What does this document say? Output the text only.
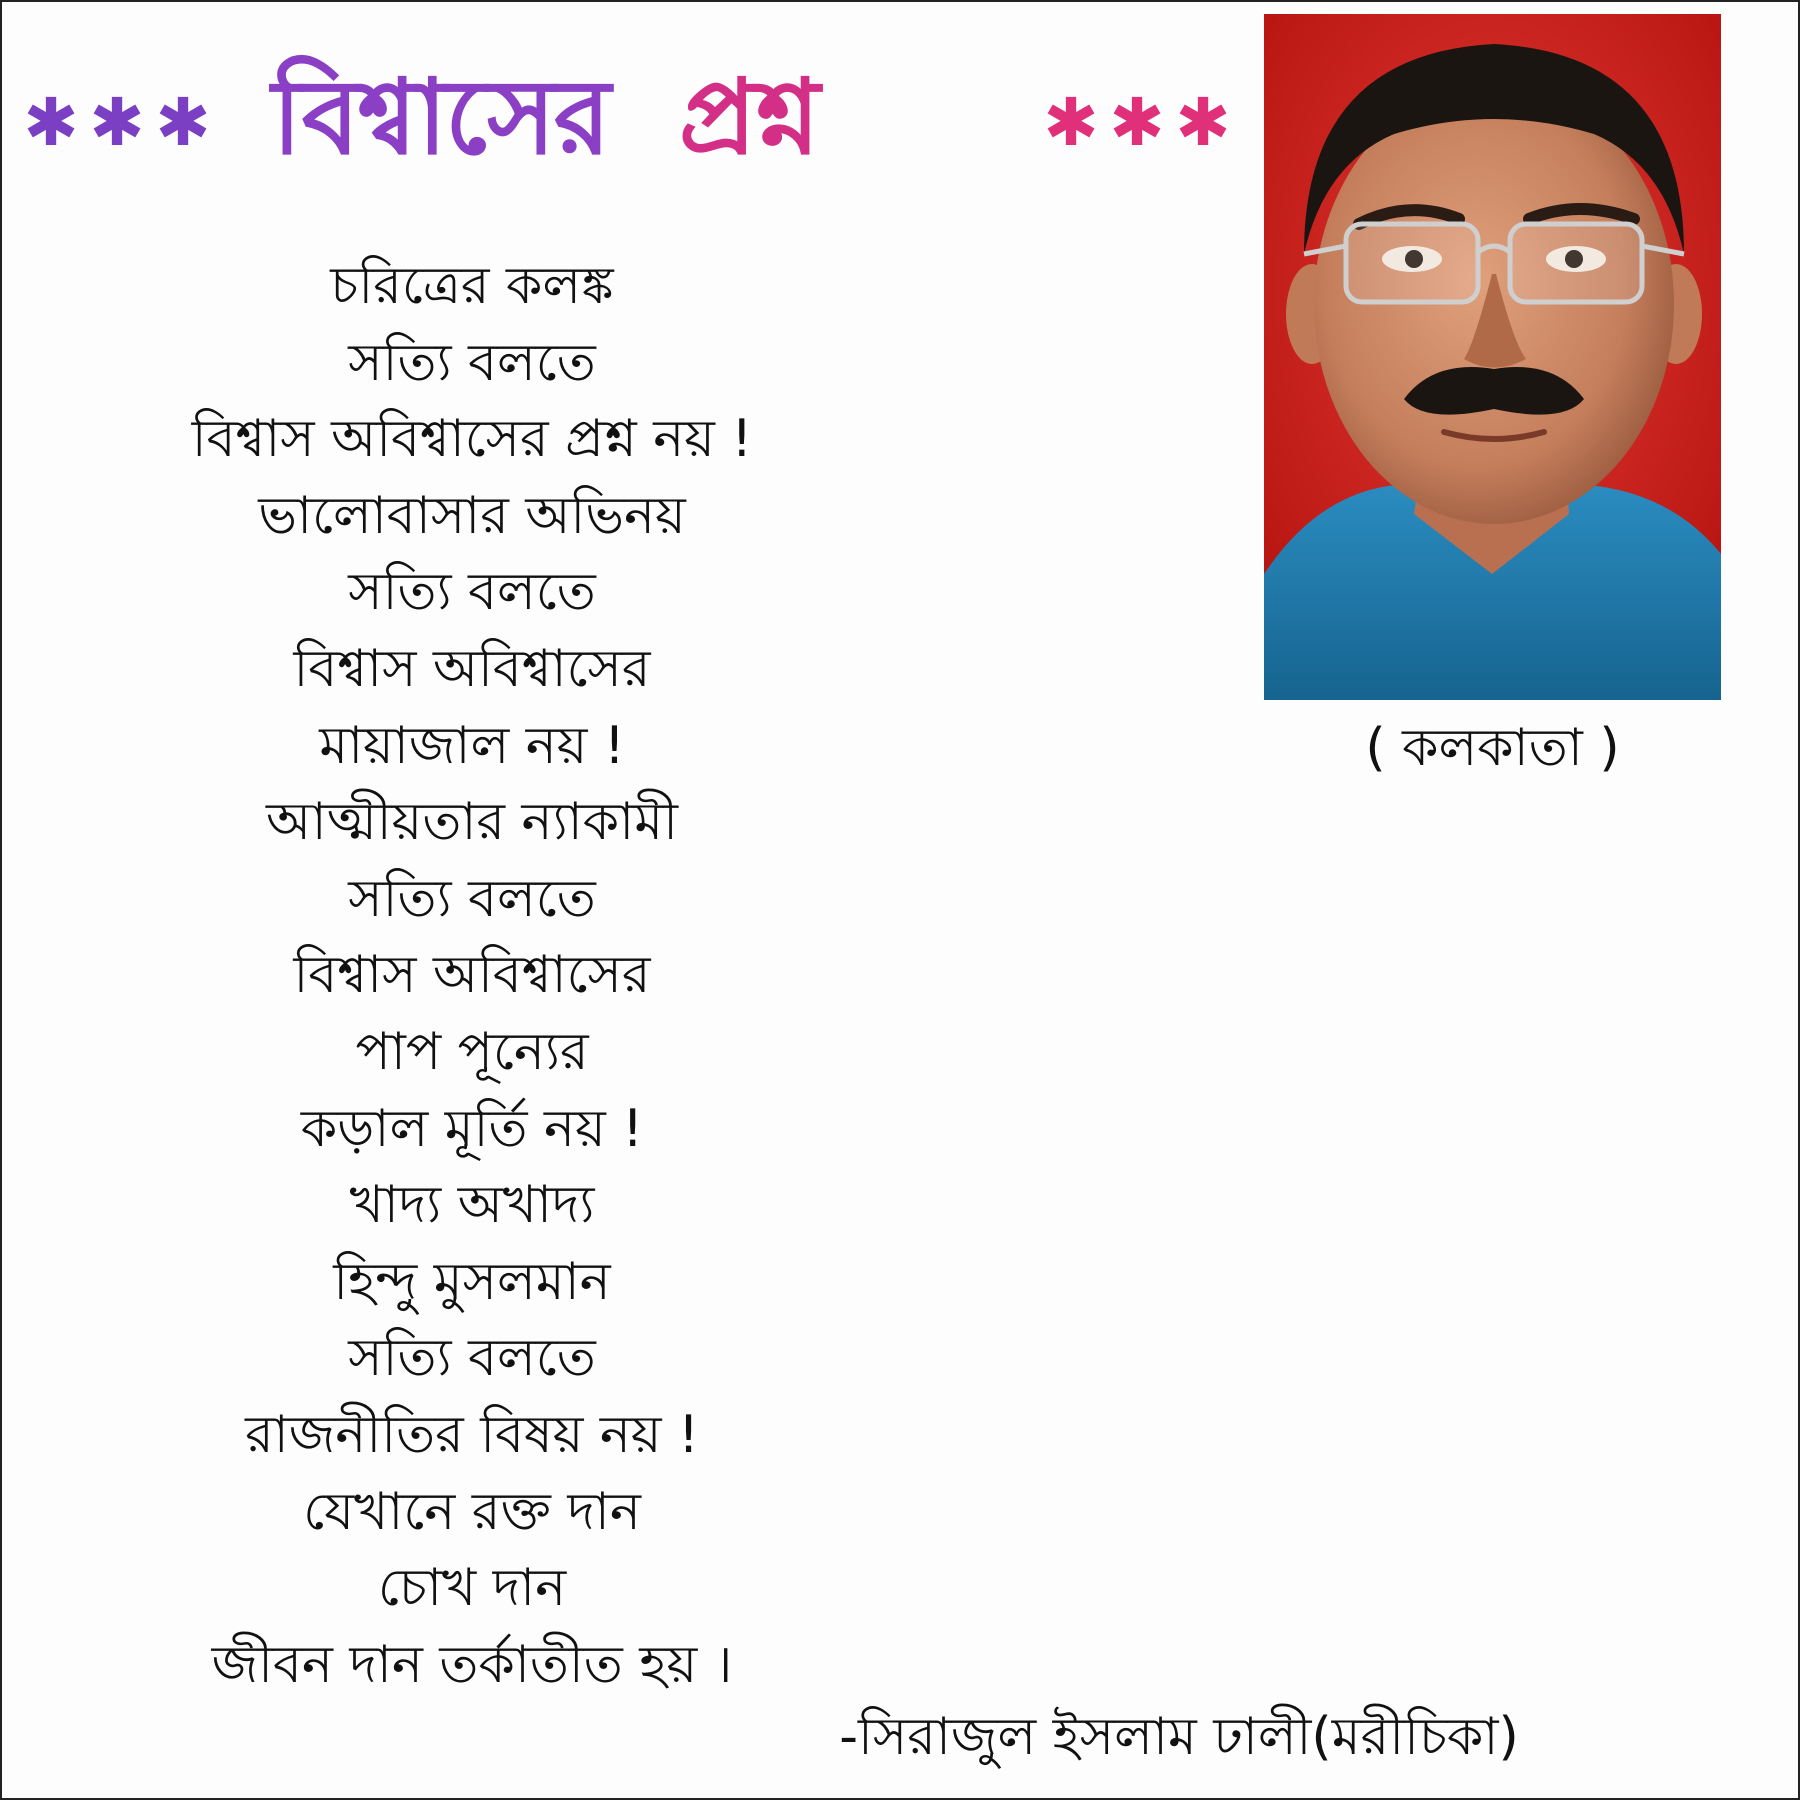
✱ ✱ ✱ বিশ্বাসের প্রশ্ন	✱ ✱ ✱
চরিত্রের কলঙ্ক
সত্যি বলতে
বিশ্বাস অবিশ্বাসের প্রশ্ন নয় !
ভালোবাসার অভিনয়
সত্যি বলতে
বিশ্বাস অবিশ্বাসের
মায়াজাল নয় !
আত্মীয়তার ন্যাকামী
সত্যি বলতে
বিশ্বাস অবিশ্বাসের
পাপ পূন্যের
কড়াল মূর্তি নয় !
খাদ্য অখাদ্য
হিন্দু মুসলমান
সত্যি বলতে
রাজনীতির বিষয় নয় !
যেখানে রক্ত দান
চোখ দান
জীবন দান তর্কাতীত হয় ।
( কলকাতা )
-সিরাজুল ইসলাম ঢালী(মরীচিকা)
